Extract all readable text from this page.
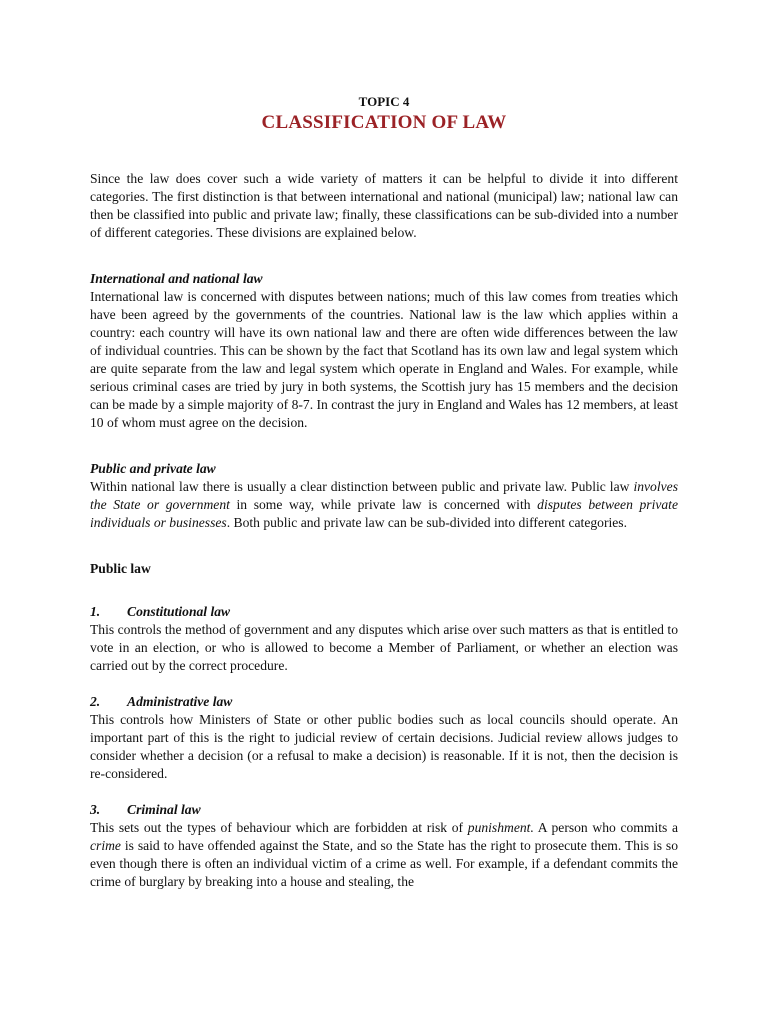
TOPIC 4
CLASSIFICATION OF LAW

Since the law does cover such a wide variety of matters it can be helpful to divide it into different categories. The first distinction is that between international and national (municipal) law; national law can then be classified into public and private law; finally, these classifications can be sub-divided into a number of different categories. These divisions are explained below.

International and national law

International law is concerned with disputes between nations; much of this law comes from treaties which have been agreed by the governments of the countries. National law is the law which applies within a country: each country will have its own national law and there are often wide differences between the law of individual countries. This can be shown by the fact that Scotland has its own law and legal system which are quite separate from the law and legal system which operate in England and Wales. For example, while serious criminal cases are tried by jury in both systems, the Scottish jury has 15 members and the decision can be made by a simple majority of 8-7. In contrast the jury in England and Wales has 12 members, at least 10 of whom must agree on the decision.

Public and private law

Within national law there is usually a clear distinction between public and private law. Public law involves the State or government in some way, while private law is concerned with disputes between private individuals or businesses. Both public and private law can be sub-divided into different categories.

Public law
1.	Constitutional law

This controls the method of government and any disputes which arise over such matters as that is entitled to vote in an election, or who is allowed to become a Member of Parliament, or whether an election was carried out by the correct procedure.

2.	Administrative law

This controls how Ministers of State or other public bodies such as local councils should operate. An important part of this is the right to judicial review of certain decisions. Judicial review allows judges to consider whether a decision (or a refusal to make a decision) is reasonable. If it is not, then the decision is re-considered.

3.	Criminal law

This sets out the types of behaviour which are forbidden at risk of punishment. A person who commits a crime is said to have offended against the State, and so the State has the right to prosecute them. This is so even though there is often an individual victim of a crime as well. For example, if a defendant commits the crime of burglary by breaking into a house and stealing, the
